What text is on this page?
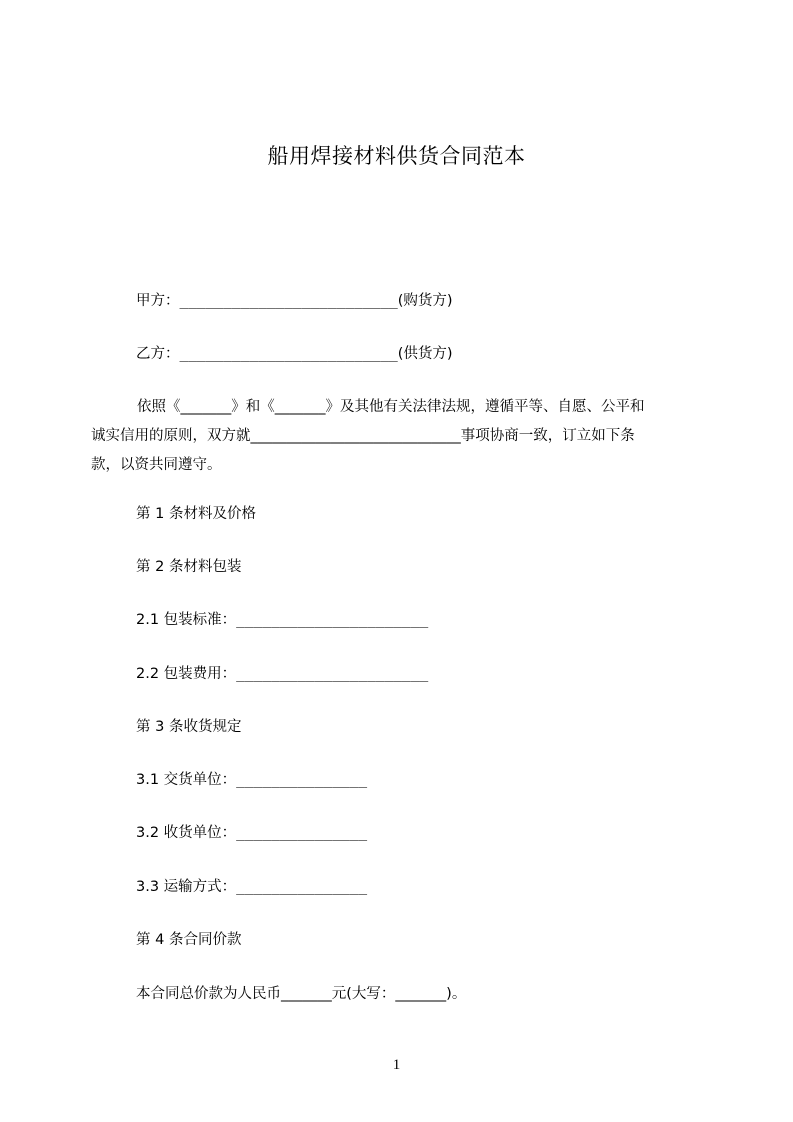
船用焊接材料供货合同范本
甲方：_________________________(购货方)
乙方：_________________________(供货方)

依照《_______》和《_______》及其他有关法律法规，遵循平等、自愿、公平和

诚实信用的原则，双方就_____________________________事项协商一致，订立如下条

款，以资共同遵守。

第 1 条材料及价格
第 2 条材料包装
2.1 包装标准：______________________
2.2 包装费用：______________________
第 3 条收货规定
3.1 交货单位：_______________
3.2 收货单位：_______________
3.3 运输方式：_______________
第 4 条合同价款
本合同总价款为人民币_______元(大写：_______)。
1
